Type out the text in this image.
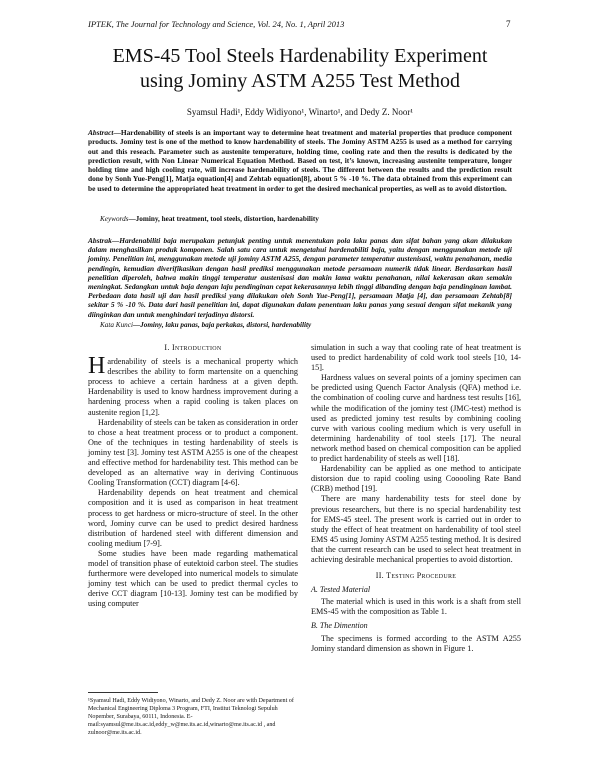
IPTEK, The Journal for Technology and Science, Vol. 24, No. 1, April 2013	7
EMS-45 Tool Steels Hardenability Experiment
using Jominy ASTM A255 Test Method
Syamsul Hadi¹, Eddy Widiyono¹, Winarto¹, and Dedy Z. Noor¹
Abstract—Hardenability of steels is an important way to determine heat treatment and material properties that produce component products. Jominy test is one of the method to know hardenability of steels. The Jominy ASTM A255 is used as a method for carrying out and this reseach. Parameter such as austenite temperature, holding time, cooling rate and then the results is dedicated by the prediction result, with Non Linear Numerical Equation Method. Based on test, it’s known, increasing austenite temperature, longer holding time and high cooling rate, will increase hardenability of steels. The different between the results and the prediction result done by Sonh Yue-Peng[1], Matja equation[4] and Zehtab equation[8], about 5 % -10 %. The data obtained from this experiment can be used to determine the appropriated heat treatment in order to get the desired mechanical properties, as well as to avoid distortion.
Keywords—Jominy, heat treatment, tool steels, distortion, hardenability
Abstrak—Hardenabiliti baja merupakan petunjuk penting untuk menentukan pola laku panas dan sifat bahan yang akan dilakukan dalam menghasilkan produk komponen. Salah satu cara untuk mengetahui hardenabiliti baja, yaitu dengan menggunakan metode uji jominy. Penelitian ini, menggunakan metode uji jominy ASTM A255, dengan parameter temperatur austenisasi, waktu penahanan, media pendingin, kemudian diverifikasikan dengan hasil prediksi menggunakan metode persamaan numerik tidak linear. Berdasarkan hasil penelitian diperoleh, bahwa makin tinggi temperatur austenisasi dan makin lama waktu penahanan, nilai kekerasan akan semakin meningkat. Sedangkan untuk baja dengan laju pendinginan cepat kekerasannya lebih tinggi dibanding dengan baja pendinginan lambat. Perbedaan data hasil uji dan hasil prediksi yang dilakukan oleh Sonh Yue-Peng[1], persamaan Matja [4], dan persamaan Zehtab[8] sekitar 5 % -10 %. Data dari hasil penelitian ini, dapat digunakan dalam penentuan laku panas yang sesuai dengan sifat mekanik yang diinginkan dan untuk menghindari terjadinya distorsi.
Kata Kunci—Jominy, laku panas, baja perkakas, distorsi, hardenability
I. Introduction

Hardenability of steels is a mechanical property which describes the ability to form martensite on a quenching process to achieve a certain hardness at a given depth. Hardenability is used to know hardness improvement during a hardening process when a rapid cooling is taken places on austenite region [1,2].

Hardenability of steels can be taken as consideration in order to chose a heat treatment process or to product a component. One of the techniques in testing hardenability of steels is jominy test [3]. Jominy test ASTM A255 is one of the cheapest and effective method for hardenability test. This method can be developed as an alternative way in deriving Continuous Cooling Transformation (CCT) diagram [4-6].

Hardenability depends on heat treatment and chemical composition and it is used as comparison in heat treatment process to get hardness or micro-structure of steel. In the other word, Jominy curve can be used to predict desired hardness distribution of hardened steel with different dimension and cooling medium [7-9].

Some studies have been made regarding mathematical model of transition phase of eutektoid carbon steel. The studies furthermore were developed into numerical models to simulate jominy test which can be used to predict thermal cycles to derive CCT diagram [10-13]. Jominy test can be modified by using computer

simulation in such a way that cooling rate of heat treatment is used to predict hardenability of cold work tool steels [10, 14-15].

Hardness values on several points of a jominy specimen can be predicted using Quench Factor Analysis (QFA) method i.e. the combination of cooling curve and hardness test results [16], while the modification of the jominy test (JMC-test) method is used as predicted jominy test results by combining cooling curve with various cooling medium which is very usefull in determining hardenability of tool steels [17]. The neural network method based on chemical composition can be applied to predict hardenability of steels as well [18].

Hardenability can be applied as one method to anticipate distorsion due to rapid cooling using Cooooling Rate Band (CRB) method [19].

There are many hardenability tests for steel done by previous researchers, but there is no special hardenability test for EMS-45 steel. The present work is carried out in order to study the effect of heat treatment on hardenability of tool steel EMS 45 using Jominy ASTM A255 testing method. It is desired that the current research can be used to select heat treatment in achieving desirable mechanical properties to avoid distortion.

II. Testing Procedure
A. Tested Material

The material which is used in this work is a shaft from stell EMS-45 with the composition as Table 1.

B. The Dimention

The specimens is formed according to the ASTM A255 Jominy standard dimension as shown in Figure 1.

¹Syamsul Hadi, Eddy Widiyono, Winarto, and Dedy Z. Noor are with Department of Mechanical Engineering Diploma 3 Program, FTI, Institut Teknologi Sepuluh Nopember, Surabaya, 60111, Indonesia. E-mail:syamsul@me.its.ac.id,eddy_w@me.its.ac.id,winarto@me.its.ac.id , and zulnoor@me.its.ac.id.
